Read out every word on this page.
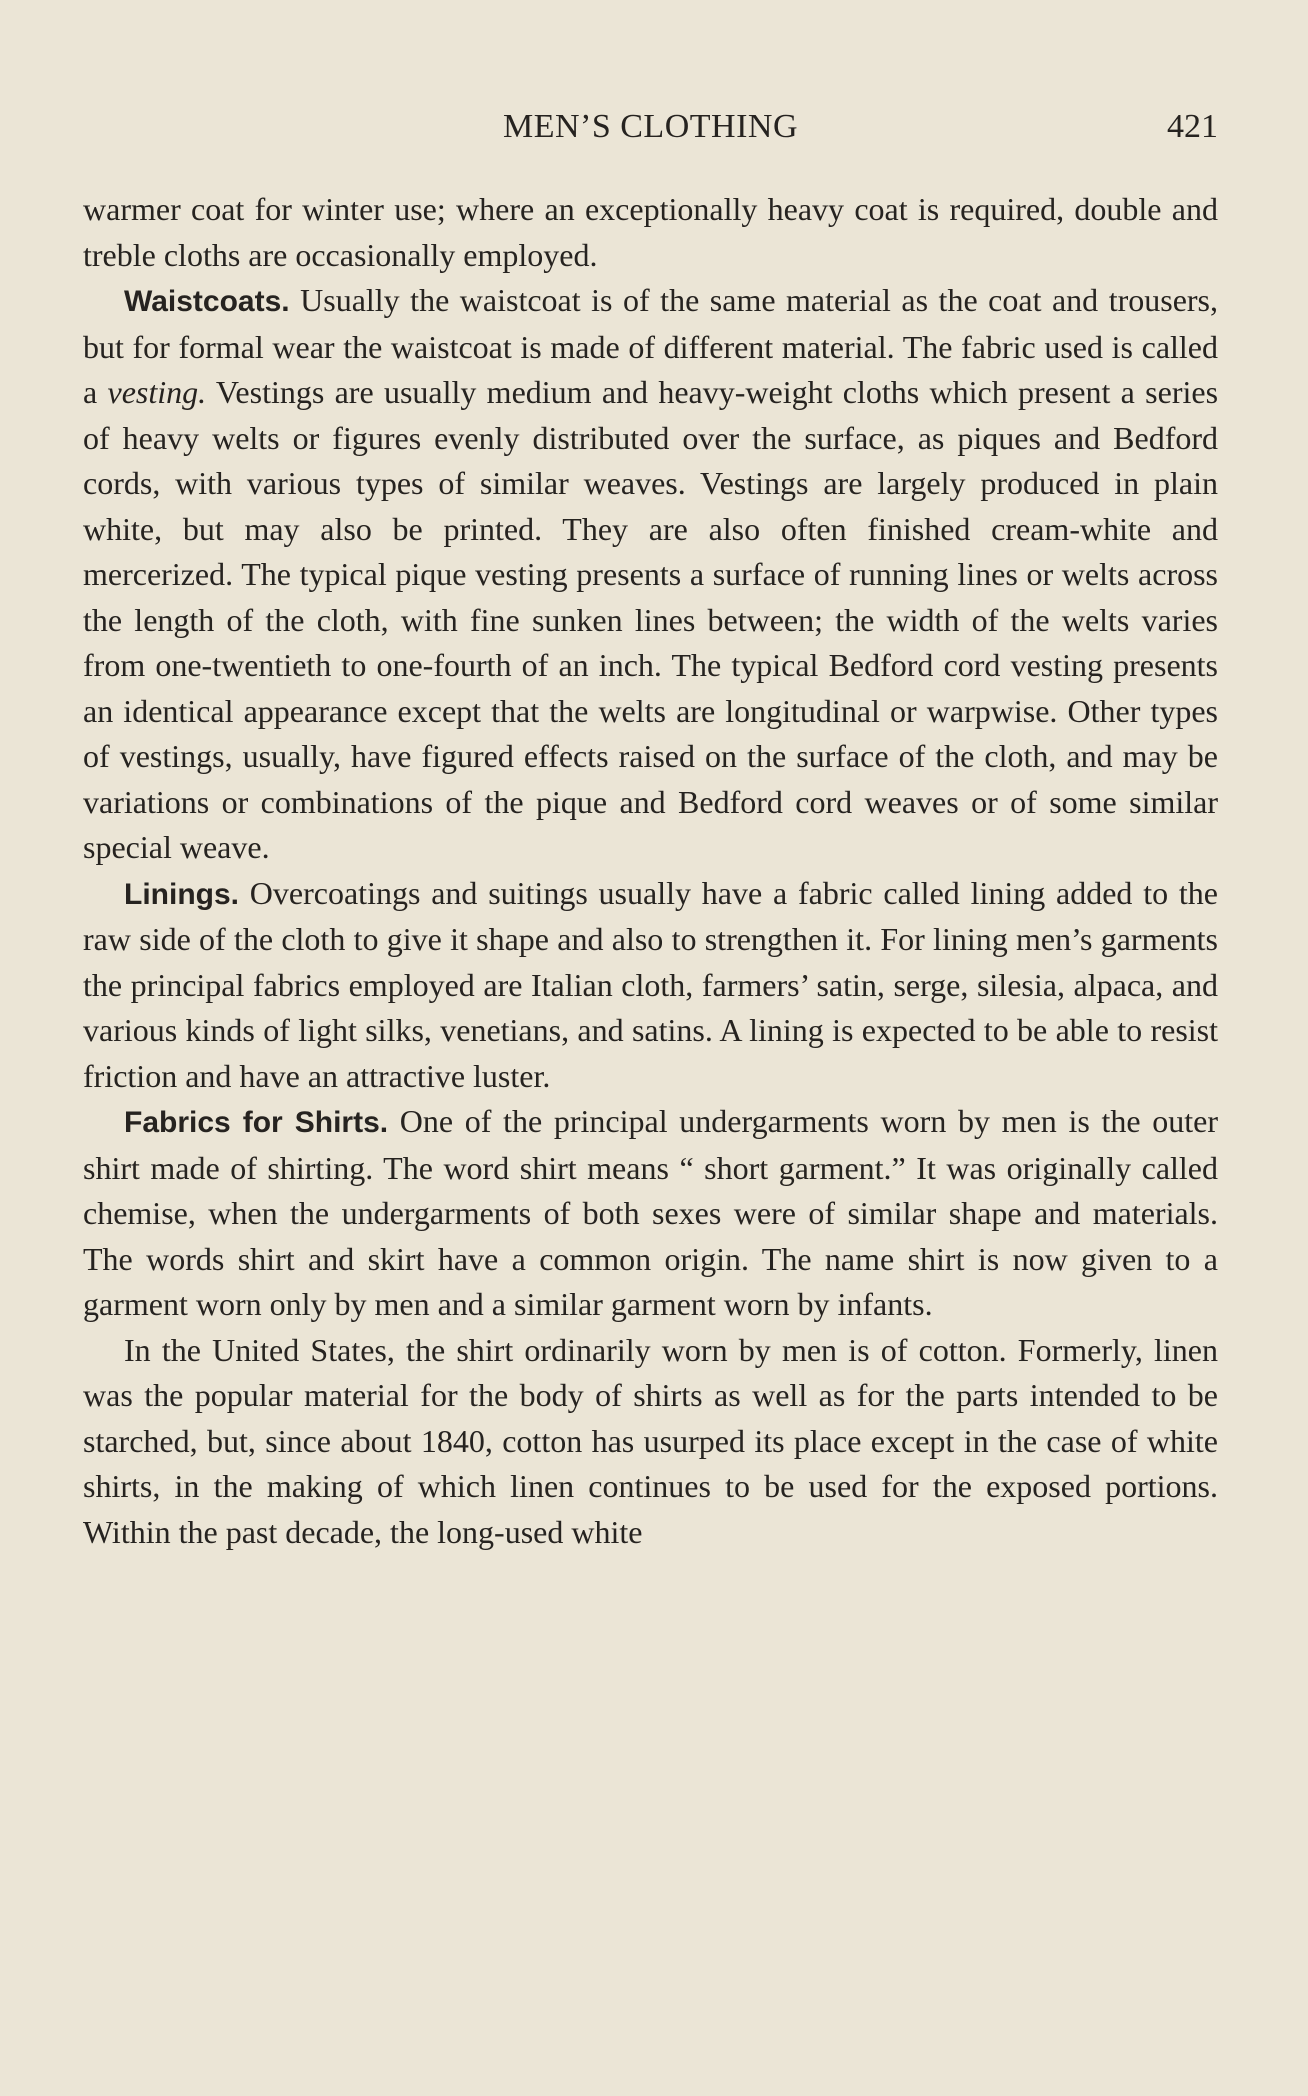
MEN’S CLOTHING	421

warmer coat for winter use; where an exceptionally heavy coat is required, double and treble cloths are occasionally employed.

Waistcoats. Usually the waistcoat is of the same material as the coat and trousers, but for formal wear the waistcoat is made of different material. The fabric used is called a vesting. Vestings are usually medium and heavy-weight cloths which present a series of heavy welts or figures evenly distributed over the surface, as piques and Bedford cords, with various types of similar weaves. Vestings are largely produced in plain white, but may also be printed. They are also often finished cream-white and mercerized. The typical pique vesting presents a surface of running lines or welts across the length of the cloth, with fine sunken lines between; the width of the welts varies from one-twentieth to one-fourth of an inch. The typical Bedford cord vesting presents an identical appearance except that the welts are longitudinal or warpwise. Other types of vestings, usually, have figured effects raised on the surface of the cloth, and may be variations or combinations of the pique and Bedford cord weaves or of some similar special weave.

Linings. Overcoatings and suitings usually have a fabric called lining added to the raw side of the cloth to give it shape and also to strengthen it. For lining men’s garments the principal fabrics employed are Italian cloth, farmers’ satin, serge, silesia, alpaca, and various kinds of light silks, venetians, and satins. A lining is expected to be able to resist friction and have an attractive luster.

Fabrics for Shirts. One of the principal undergarments worn by men is the outer shirt made of shirting. The word shirt means “ short garment.” It was originally called chemise, when the undergarments of both sexes were of similar shape and materials. The words shirt and skirt have a common origin. The name shirt is now given to a garment worn only by men and a similar garment worn by infants.

In the United States, the shirt ordinarily worn by men is of cotton. Formerly, linen was the popular material for the body of shirts as well as for the parts intended to be starched, but, since about 1840, cotton has usurped its place except in the case of white shirts, in the making of which linen continues to be used for the exposed portions. Within the past decade, the long-used white
